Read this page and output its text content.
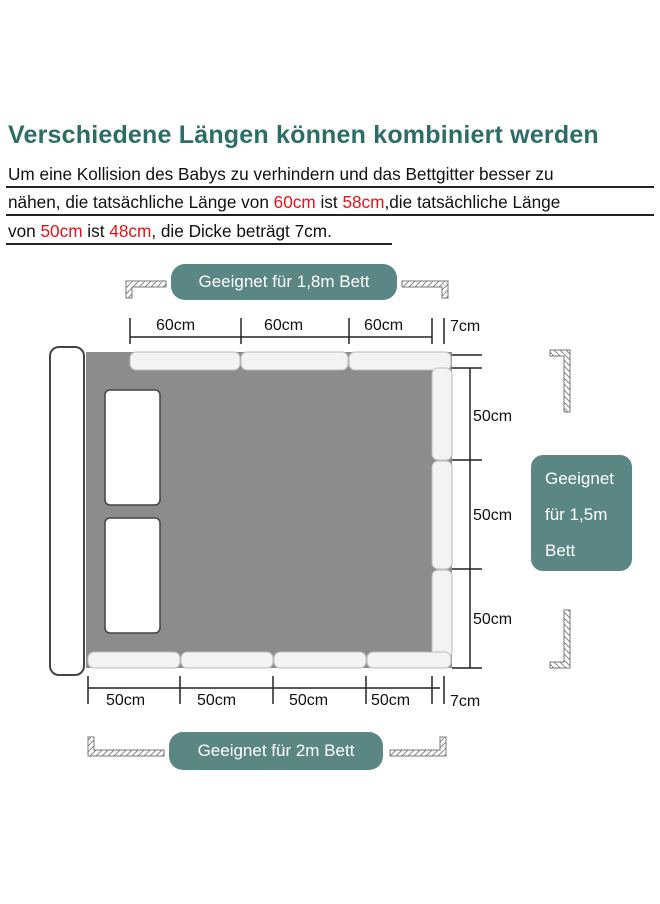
Verschiedene Längen können kombiniert werden
Um eine Kollision des Babys zu verhindern und das Bettgitter besser zu
nähen, die tatsächliche Länge von 60cm ist 58cm,die tatsächliche Länge
von 50cm ist 48cm, die Dicke beträgt 7cm.
Geeignet für 1,8m Bett
Geeignet für 2m Bett
Geeignet
für 1,5m
Bett
60cm	60cm	60cm	7cm
50cm
50cm
50cm
50cm	50cm	50cm	50cm 7cm
